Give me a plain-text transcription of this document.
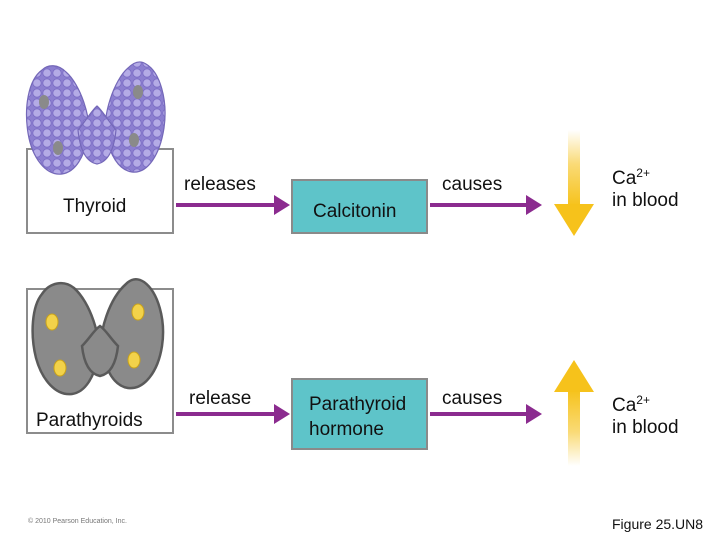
Thyroid
releases
Calcitonin
causes	$Ca^{2+}$
in blood
Parathyroids
release	Parathyroid
hormone
causes	$Ca^{2+}$
in blood
© 2010 Pearson Education, Inc.	Figure 25.UN8
